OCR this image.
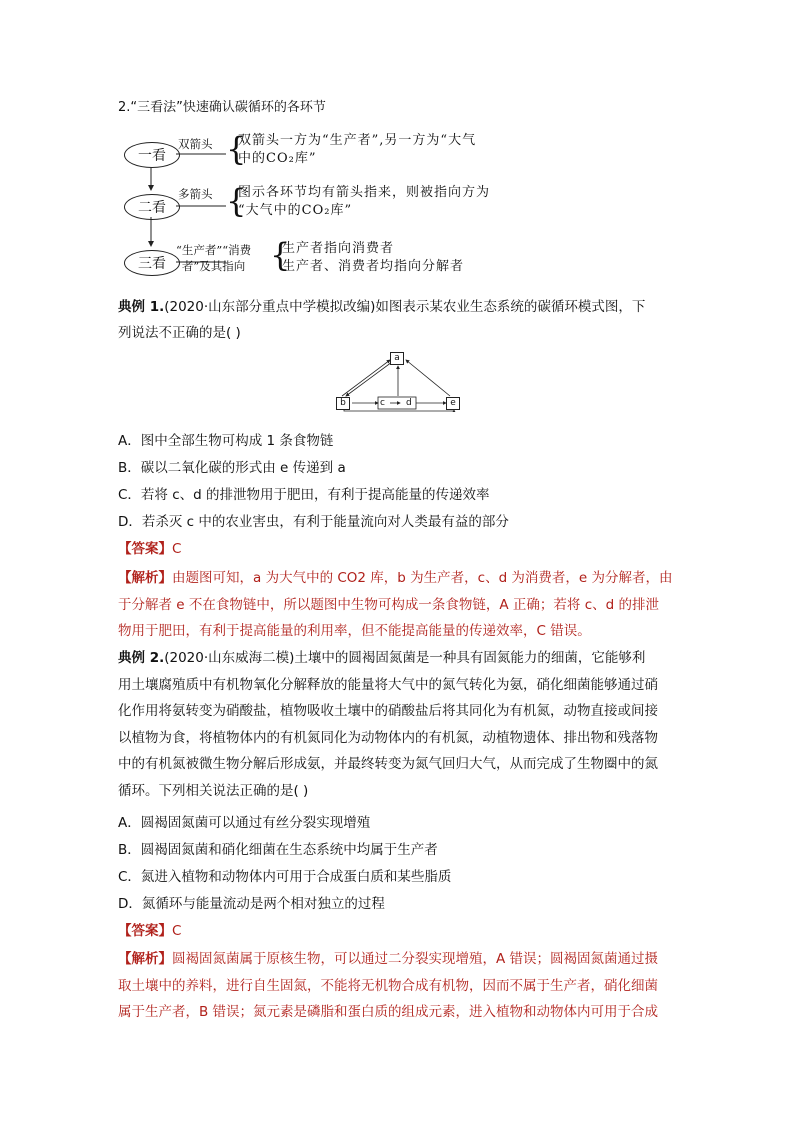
2.“三看法”快速确认碳循环的各环节
一看
双箭头 {
双箭头一方为“生产者”,另一方为“大气
中的CO₂库”
二看
多箭头 {
图示各环节均有箭头指来，则被指向方为
“大气中的CO₂库”
三看
“生产者”“消费
者”及其指向 {
生产者指向消费者
生产者、消费者均指向分解者
典例 1.(2020·山东部分重点中学模拟改编)如图表示某农业生态系统的碳循环模式图，下
列说法不正确的是( )
a
b	c d	e
A．图中全部生物可构成 1 条食物链
B．碳以二氧化碳的形式由 e 传递到 a
C．若将 c、d 的排泄物用于肥田，有利于提高能量的传递效率
D．若杀灭 c 中的农业害虫，有利于能量流向对人类最有益的部分
【答案】C
【解析】由题图可知，a 为大气中的 CO2 库，b 为生产者，c、d 为消费者，e 为分解者，由
于分解者 e 不在食物链中，所以题图中生物可构成一条食物链，A 正确；若将 c、d 的排泄
物用于肥田，有利于提高能量的利用率，但不能提高能量的传递效率，C 错误。
典例 2.(2020·山东威海二模)土壤中的圆褐固氮菌是一种具有固氮能力的细菌，它能够利
用土壤腐殖质中有机物氧化分解释放的能量将大气中的氮气转化为氨，硝化细菌能够通过硝
化作用将氨转变为硝酸盐，植物吸收土壤中的硝酸盐后将其同化为有机氮，动物直接或间接
以植物为食，将植物体内的有机氮同化为动物体内的有机氮，动植物遗体、排出物和残落物
中的有机氮被微生物分解后形成氨，并最终转变为氮气回归大气，从而完成了生物圈中的氮
循环。下列相关说法正确的是( )
A．圆褐固氮菌可以通过有丝分裂实现增殖
B．圆褐固氮菌和硝化细菌在生态系统中均属于生产者
C．氮进入植物和动物体内可用于合成蛋白质和某些脂质
D．氮循环与能量流动是两个相对独立的过程
【答案】C
【解析】圆褐固氮菌属于原核生物，可以通过二分裂实现增殖，A 错误；圆褐固氮菌通过摄
取土壤中的养料，进行自生固氮，不能将无机物合成有机物，因而不属于生产者，硝化细菌
属于生产者，B 错误；氮元素是磷脂和蛋白质的组成元素，进入植物和动物体内可用于合成
